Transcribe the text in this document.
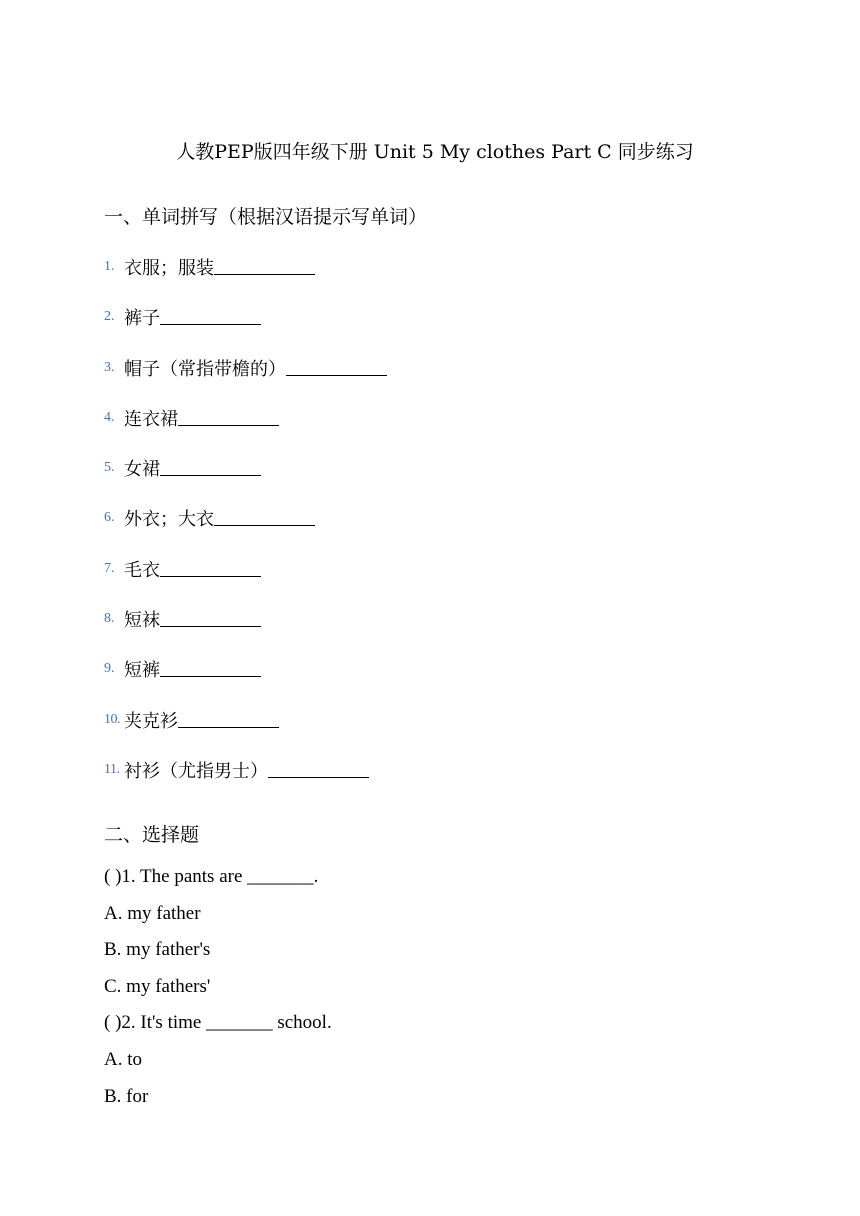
人教PEP版四年级下册 Unit 5 My clothes Part C 同步练习
一、单词拼写（根据汉语提示写单词）
1. 衣服；服装
2. 裤子
3. 帽子（常指带檐的）
4. 连衣裙
5. 女裙
6. 外衣；大衣
7. 毛衣
8. 短袜
9. 短裤
10. 夹克衫
11. 衬衫（尤指男士）
二、选择题
( )1. The pants are _______.
A. my father
B. my father's
C. my fathers'
( )2. It's time _______ school.
A. to
B. for
